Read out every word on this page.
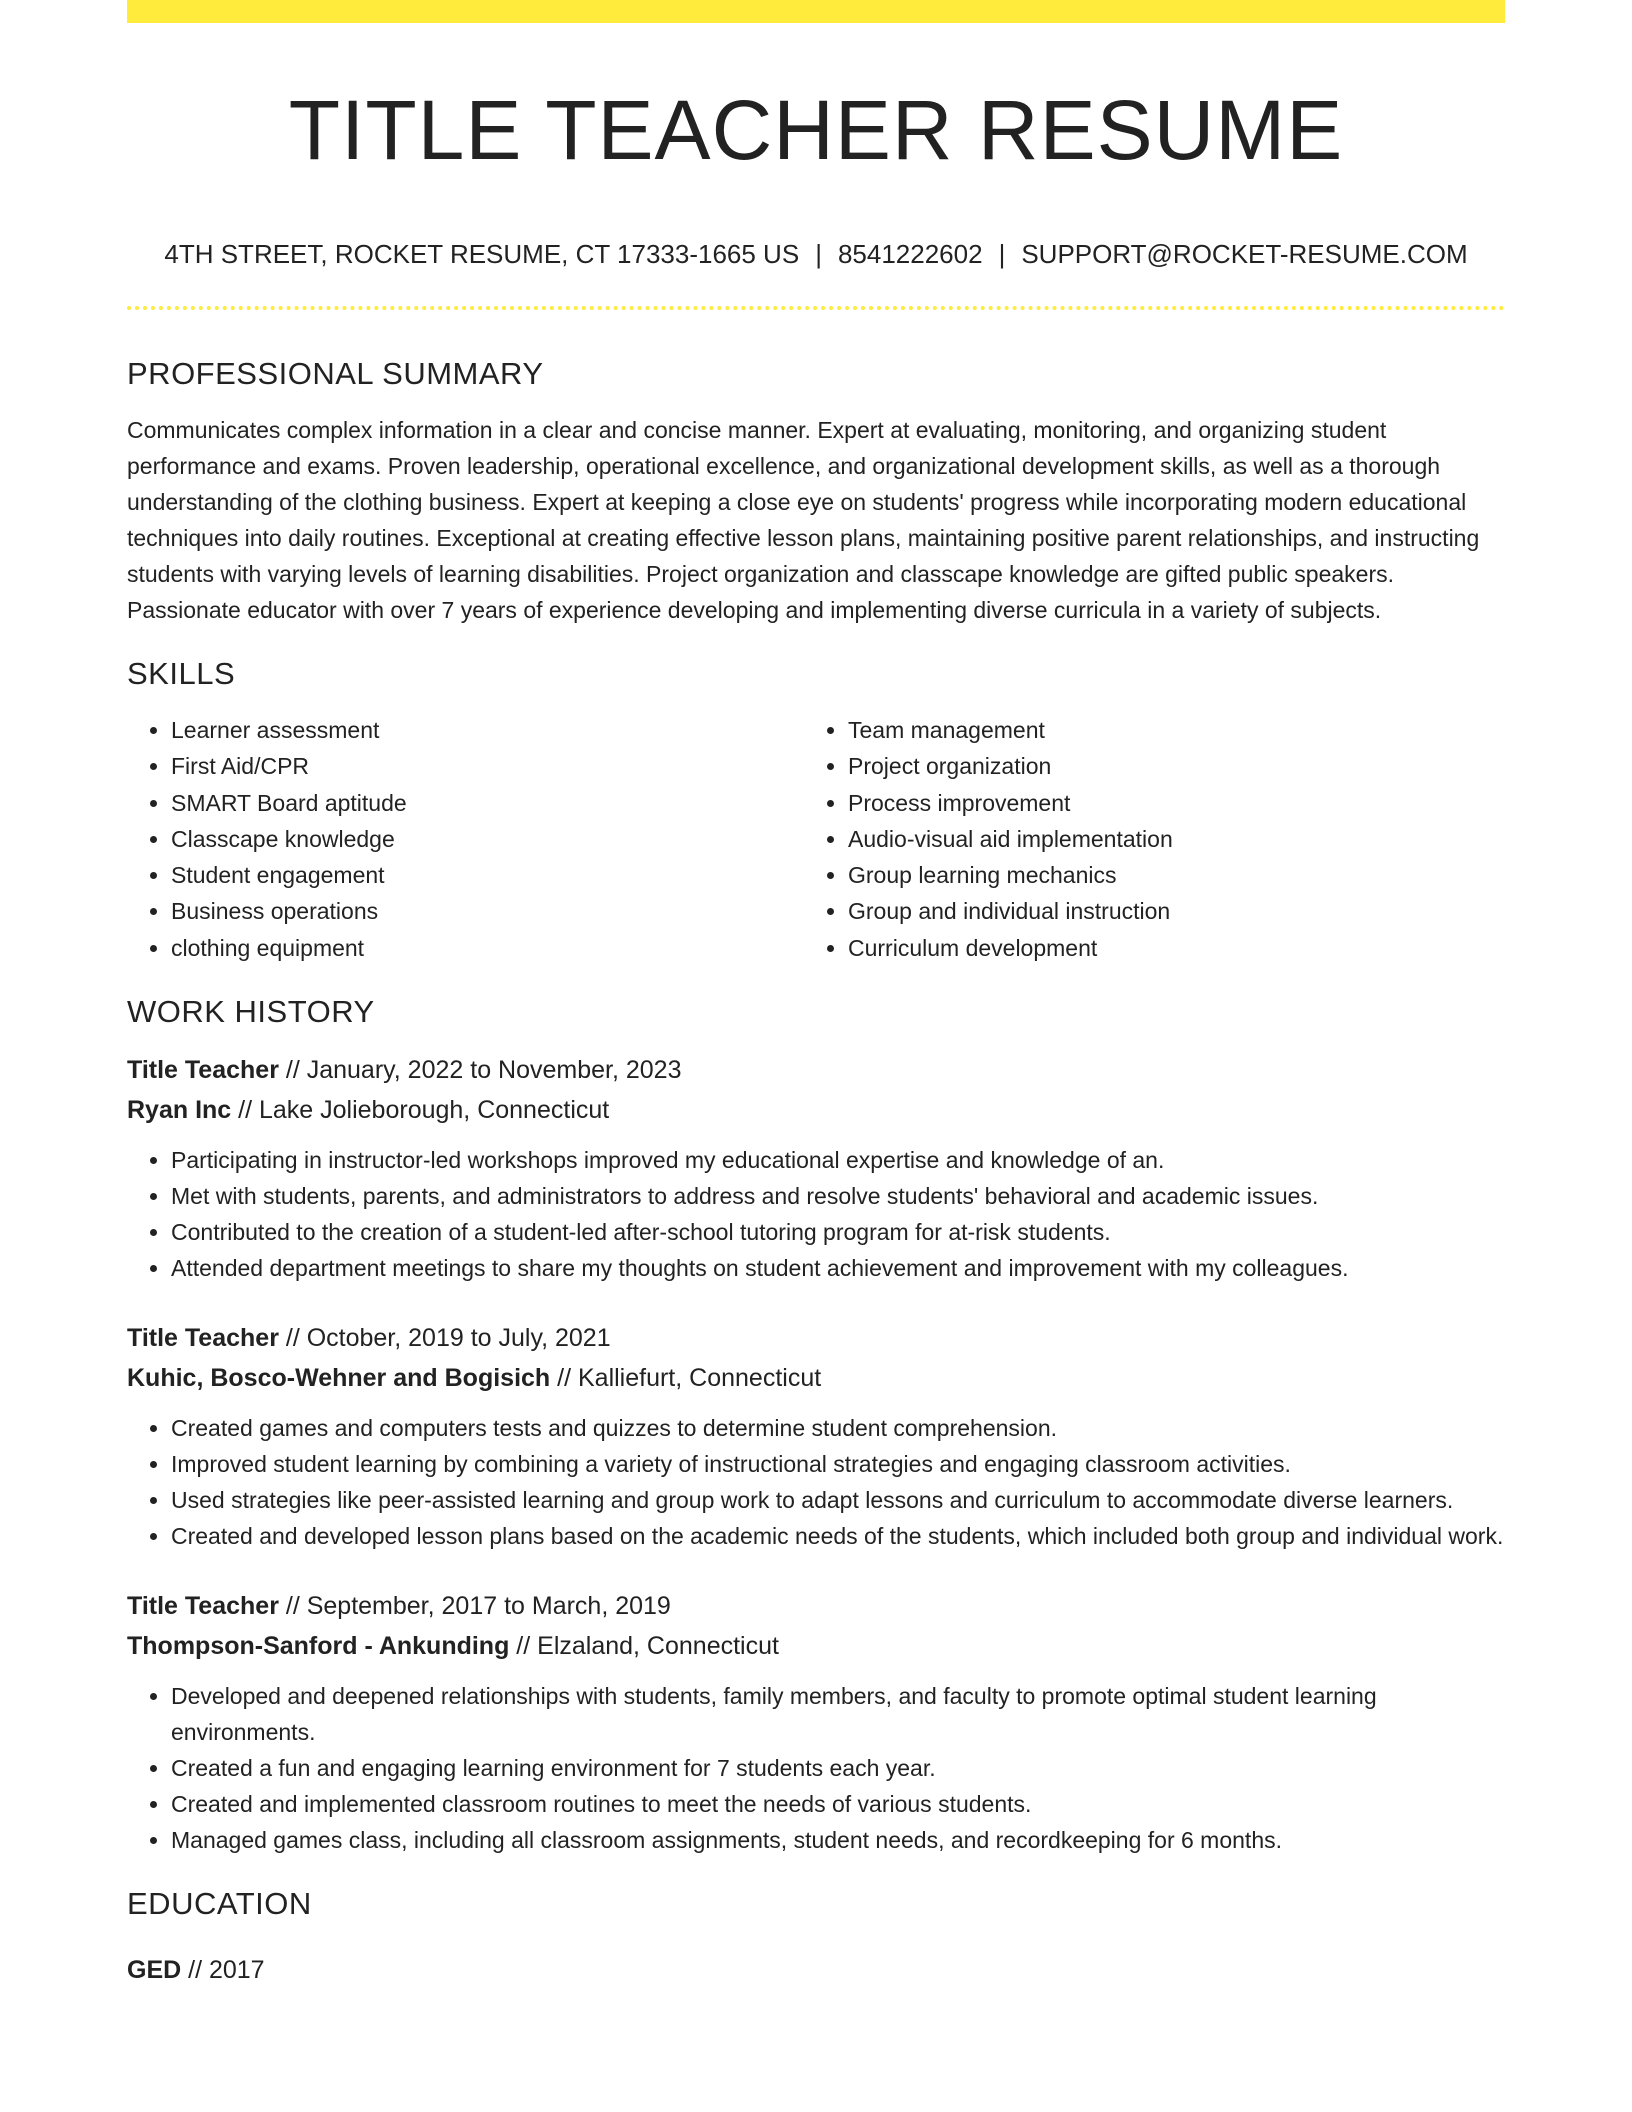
TITLE TEACHER RESUME
4TH STREET, ROCKET RESUME, CT 17333-1665 US | 8541222602 | SUPPORT@ROCKET-RESUME.COM
PROFESSIONAL SUMMARY

Communicates complex information in a clear and concise manner. Expert at evaluating, monitoring, and organizing student performance and exams. Proven leadership, operational excellence, and organizational development skills, as well as a thorough understanding of the clothing business. Expert at keeping a close eye on students' progress while incorporating modern educational techniques into daily routines. Exceptional at creating effective lesson plans, maintaining positive parent relationships, and instructing students with varying levels of learning disabilities. Project organization and classcape knowledge are gifted public speakers. Passionate educator with over 7 years of experience developing and implementing diverse curricula in a variety of subjects.

SKILLS
• Learner assessment
• First Aid/CPR
• SMART Board aptitude
• Classcape knowledge
• Student engagement
• Business operations
• clothing equipment
• Team management
• Project organization
• Process improvement
• Audio-visual aid implementation
• Group learning mechanics
• Group and individual instruction
• Curriculum development
WORK HISTORY
Title Teacher // January, 2022 to November, 2023
Ryan Inc // Lake Jolieborough, Connecticut
• Participating in instructor-led workshops improved my educational expertise and knowledge of an.
• Met with students, parents, and administrators to address and resolve students' behavioral and academic issues.
• Contributed to the creation of a student-led after-school tutoring program for at-risk students.
• Attended department meetings to share my thoughts on student achievement and improvement with my colleagues.
Title Teacher // October, 2019 to July, 2021
Kuhic, Bosco-Wehner and Bogisich // Kalliefurt, Connecticut
• Created games and computers tests and quizzes to determine student comprehension.
• Improved student learning by combining a variety of instructional strategies and engaging classroom activities.
• Used strategies like peer-assisted learning and group work to adapt lessons and curriculum to accommodate diverse learners.
• Created and developed lesson plans based on the academic needs of the students, which included both group and individual work.
Title Teacher // September, 2017 to March, 2019
Thompson-Sanford - Ankunding // Elzaland, Connecticut
• Developed and deepened relationships with students, family members, and faculty to promote optimal student learning environments.
• Created a fun and engaging learning environment for 7 students each year.
• Created and implemented classroom routines to meet the needs of various students.
• Managed games class, including all classroom assignments, student needs, and recordkeeping for 6 months.
EDUCATION
GED // 2017
